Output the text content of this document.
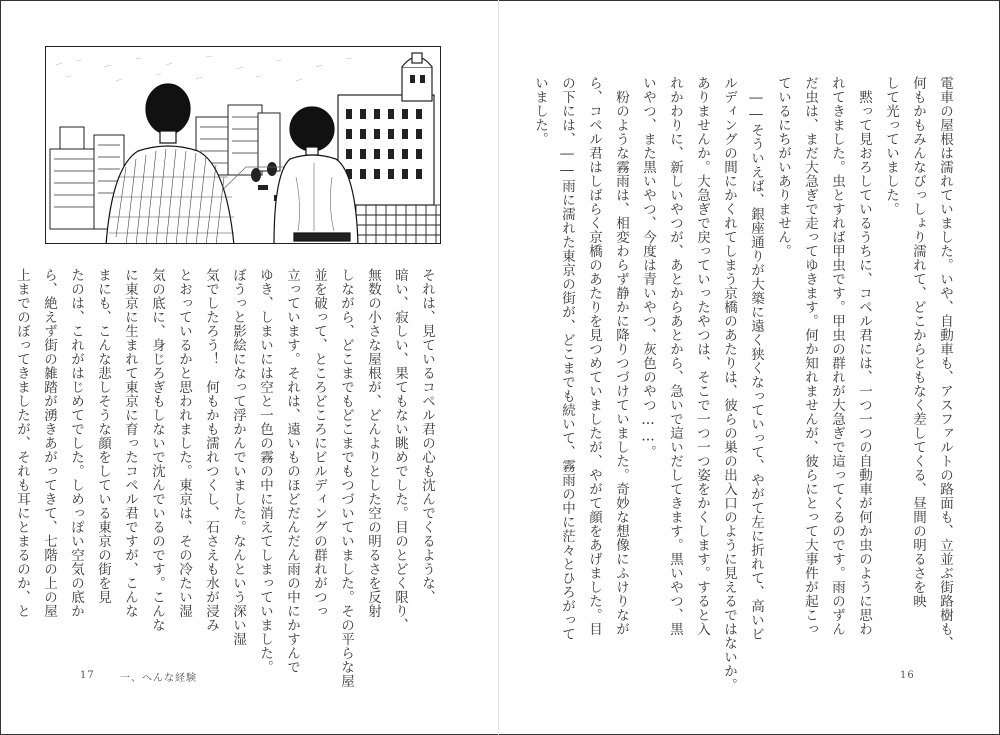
それは、見ているコペル君の心も沈んでくるような、
暗い、寂しい、果てもない眺めでした。目のとどく限り、
無数の小さな屋根が、どんよりとした空の明るさを反射
しながら、どこまでもどこまでもつづいていました。その平らな屋
並を破って、ところどころにビルディングの群れがつっ
立っています。それは、遠いものほどだんだん雨の中にかすんで
ゆき、しまいには空と一色の霧の中に消えてしまっていました。
ぼうっと影絵になって浮かんでいました。なんという深い湿
気でしたろう！　何もかも濡れつくし、石さえも水が浸み
とおっているかと思われました。東京は、その冷たい湿
気の底に、身じろぎもしないで沈んでいるのです。こんな
に東京に生まれて東京に育ったコペル君ですが、こんな
まにも、こんな悲しそうな顔をしている東京の街を見
たのは、これがはじめてでした。しめっぽい空気の底か
ら、絶えず街の雑踏が湧きあがってきて、七階の上の屋
上までのぼってきましたが、それも耳にとまるのか、と
17	一、へんな経験
電車の屋根は濡れていました。いや、自動車も、アスファルトの路面も、立並ぶ街路樹も、
何もかもみんなびっしょり濡れて、どこからともなく差してくる、昼間の明るさを映
して光っていました。
　黙って見おろしているうちに、コペル君には、一つ一つの自動車が何か虫のように思わ
れてきました。虫とすれば甲虫です。甲虫の群れが大急ぎで這ってくるのです。雨のずん
だ虫は、まだ大急ぎで走ってゆきます。何か知れませんが、彼らにとって大事件が起こっ
ているにちがいありません。
　――そういえば、銀座通りが大築に遠く狭くなっていって、やがて左に折れて、高いビ
ルディングの間にかくれてしまう京橋のあたりは、彼らの巣の出入口のように見えるではないか。
ありませんか。大急ぎで戻っていったやつは、そこで一つ一つ姿をかくします。すると入
れかわりに、新しいやつが、あとからあとから、急いで這いだしてきます。黒いやつ、黒
いやつ、また黒いやつ、今度は青いやつ、灰色のやつ……。
　粉のような霧雨は、相変わらず静かに降りつづけていました。奇妙な想像にふけりなが
ら、コペル君はしばらく京橋のあたりを見つめていましたが、やがて顔をあげました。目
の下には、――雨に濡れた東京の街が、どこまでも続いて、霧雨の中に茫々とひろがって
いました。
16
